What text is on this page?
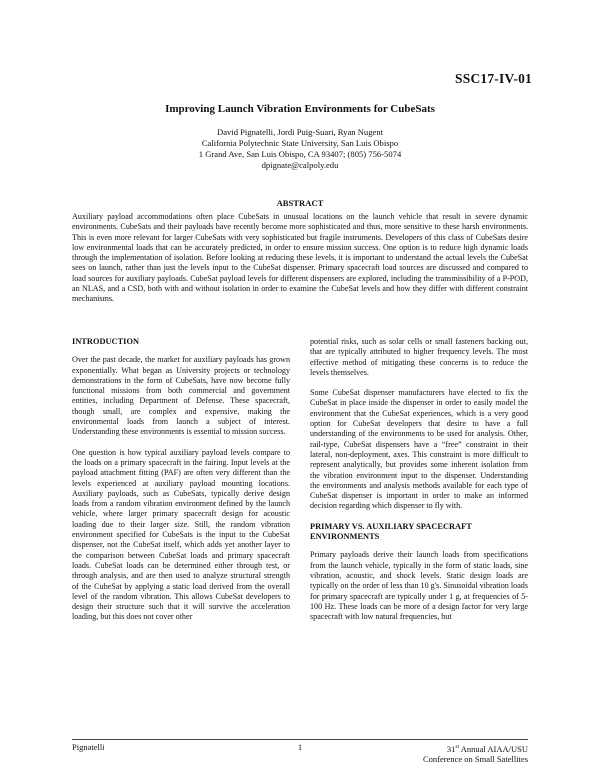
SSC17-IV-01
Improving Launch Vibration Environments for CubeSats
David Pignatelli, Jordi Puig-Suari, Ryan Nugent
California Polytechnic State University, San Luis Obispo
1 Grand Ave, San Luis Obispo, CA 93407; (805) 756-5074
dpignate@calpoly.edu
ABSTRACT

Auxiliary payload accommodations often place CubeSats in unusual locations on the launch vehicle that result in severe dynamic environments. CubeSats and their payloads have recently become more sophisticated and thus, more sensitive to these harsh environments. This is even more relevant for larger CubeSats with very sophisticated but fragile instruments. Developers of this class of CubeSats desire low environmental loads that can be accurately predicted, in order to ensure mission success. One option is to reduce high dynamic loads through the implementation of isolation. Before looking at reducing these levels, it is important to understand the actual levels the CubeSat sees on launch, rather than just the levels input to the CubeSat dispenser. Primary spacecraft load sources are discussed and compared to load sources for auxiliary payloads. CubeSat payload levels for different dispensers are explored, including the transmissibility of a P-POD, an NLAS, and a CSD, both with and without isolation in order to examine the CubeSat levels and how they differ with different constraint mechanisms.

INTRODUCTION

Over the past decade, the market for auxiliary payloads has grown exponentially. What began as University projects or technology demonstrations in the form of CubeSats, have now become fully functional missions from both commercial and government entities, including Department of Defense. These spacecraft, though small, are complex and expensive, making the environmental loads from launch a subject of interest. Understanding these environments is essential to mission success.

One question is how typical auxiliary payload levels compare to the loads on a primary spacecraft in the fairing. Input levels at the payload attachment fitting (PAF) are often very different than the levels experienced at auxiliary payload mounting locations. Auxiliary payloads, such as CubeSats, typically derive design loads from a random vibration environment defined by the launch vehicle, where larger primary spacecraft design for acoustic loading due to their larger size. Still, the random vibration environment specified for CubeSats is the input to the CubeSat dispenser, not the CubeSat itself, which adds yet another layer to the comparison between CubeSat loads and primary spacecraft loads. CubeSat loads can be determined either through test, or through analysis, and are then used to analyze structural strength of the CubeSat by applying a static load derived from the overall level of the random vibration. This allows CubeSat developers to design their structure such that it will survive the acceleration loading, but this does not cover other

potential risks, such as solar cells or small fasteners backing out, that are typically attributed to higher frequency levels. The most effective method of mitigating these concerns is to reduce the levels themselves.

Some CubeSat dispenser manufacturers have elected to fix the CubeSat in place inside the dispenser in order to easily model the environment that the CubeSat experiences, which is a very good option for CubeSat developers that desire to have a full understanding of the environments to be used for analysis. Other, rail-type, CubeSat dispensers have a “free” constraint in their lateral, non-deployment, axes. This constraint is more difficult to represent analytically, but provides some inherent isolation from the vibration environment input to the dispenser. Understanding the environments and analysis methods available for each type of CubeSat dispenser is important in order to make an informed decision regarding which dispenser to fly with.

PRIMARY VS. AUXILIARY SPACECRAFT ENVIRONMENTS

Primary payloads derive their launch loads from specifications from the launch vehicle, typically in the form of static loads, sine vibration, acoustic, and shock levels. Static design loads are typically on the order of less than 10 g's. Sinusoidal vibration loads for primary spacecraft are typically under 1 g, at frequencies of 5-100 Hz. These loads can be more of a design factor for very large spacecraft with low natural frequencies, but

Pignatelli	1	31st Annual AIAA/USU
Conference on Small Satellites
